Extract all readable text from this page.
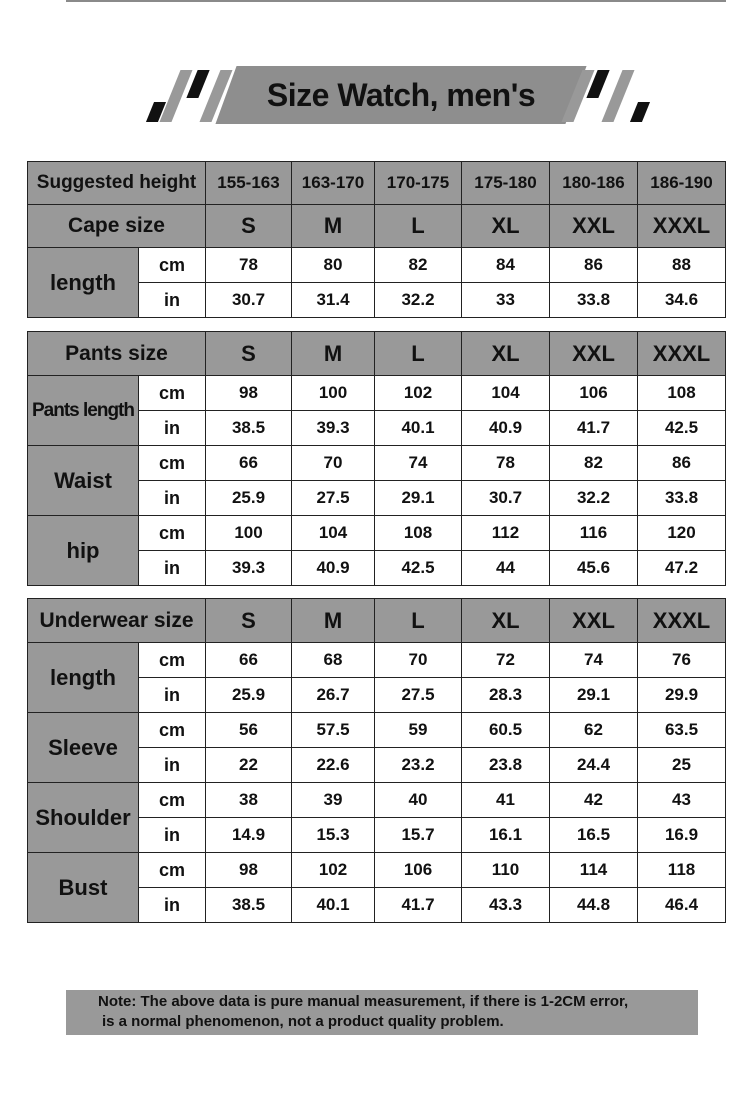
Size Watch, men's
Suggested height		155-163	163-170	170-175	175-180	180-186	186-190
Cape size		S	M	L	XL	XXL	XXXL
length	cm	78	80	82	84	86	88
	in	30.7	31.4	32.2	33	33.8	34.6
Pants size		S	M	L	XL	XXL	XXXL
Pants length	cm	98	100	102	104	106	108
	in	38.5	39.3	40.1	40.9	41.7	42.5
Waist	cm	66	70	74	78	82	86
	in	25.9	27.5	29.1	30.7	32.2	33.8
hip	cm	100	104	108	112	116	120
	in	39.3	40.9	42.5	44	45.6	47.2
Underwear size		S	M	L	XL	XXL	XXXL
length	cm	66	68	70	72	74	76
	in	25.9	26.7	27.5	28.3	29.1	29.9
Sleeve	cm	56	57.5	59	60.5	62	63.5
	in	22	22.6	23.2	23.8	24.4	25
Shoulder	cm	38	39	40	41	42	43
	in	14.9	15.3	15.7	16.1	16.5	16.9
Bust	cm	98	102	106	110	114	118
	in	38.5	40.1	41.7	43.3	44.8	46.4
Note: The above data is pure manual measurement, if there is 1-2CM error,
is a normal phenomenon, not a product quality problem.
